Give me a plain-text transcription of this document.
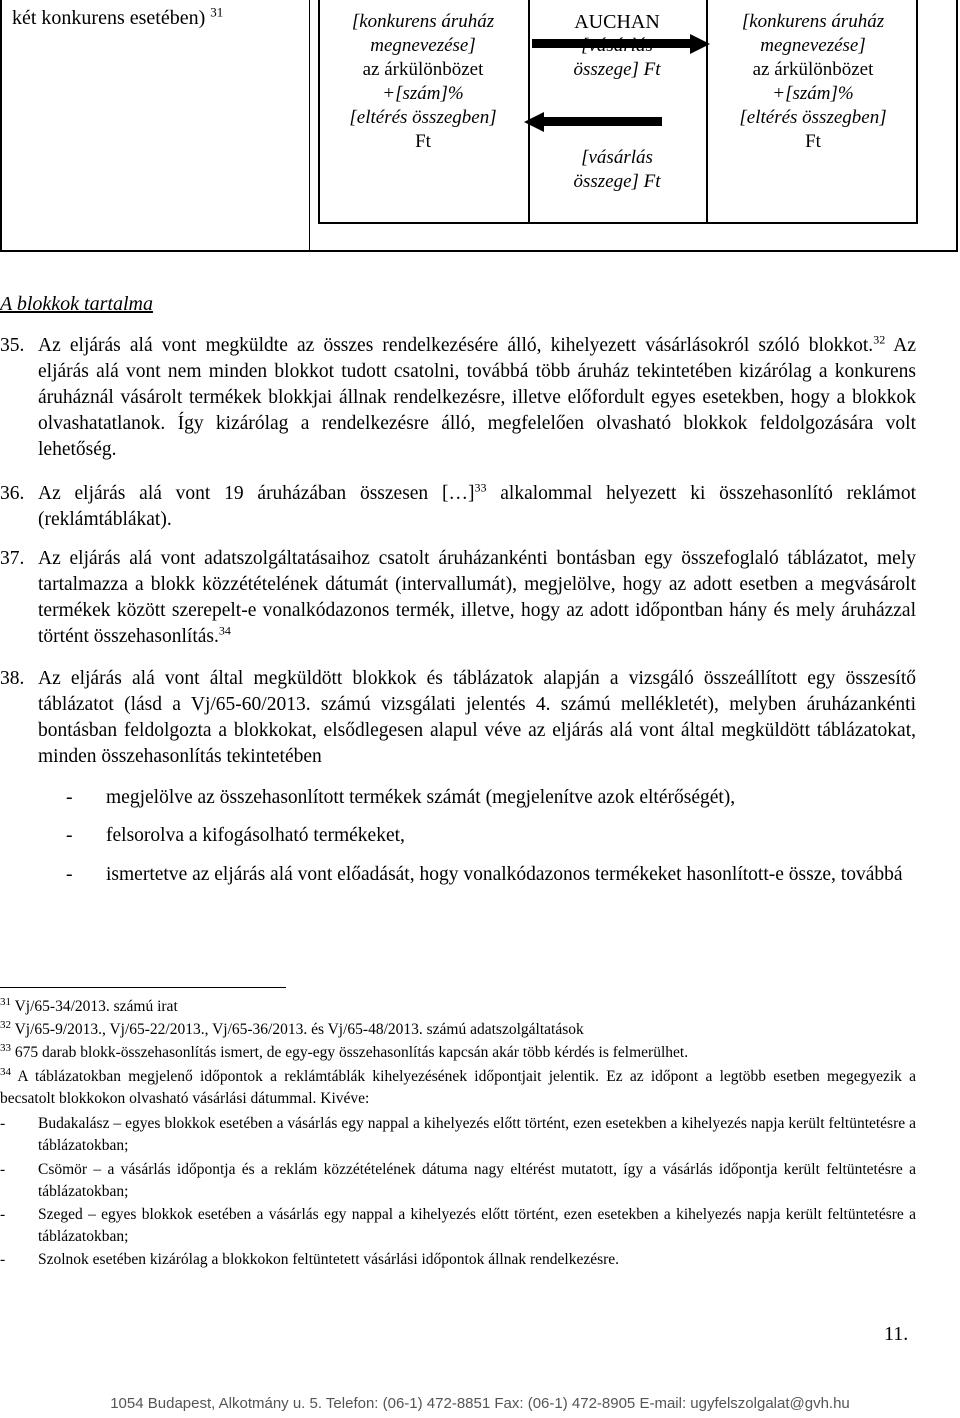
két konkurens esetében) $^{31}$	[konkurens áruház megnevezése]
az árkülönbözet
+[szám]%
[eltérés összegben]
Ft
AUCHAN
összege] Ft
[vásárlás
összege] Ft
[konkurens áruház megnevezése]
az árkülönbözet
+[szám]%
[eltérés összegben]
Ft
A blokkok tartalma
35. Az eljárás alá vont megküldte az összes rendelkezésére álló, kihelyezett vásárlásokról szóló blokkot.$^{32}$ Az eljárás alá vont nem minden blokkot tudott csatolni, továbbá több áruház tekintetében kizárólag a konkurens áruháznál vásárolt termékek blokkjai állnak rendelkezésre, illetve előfordult egyes esetekben, hogy a blokkok olvashatatlanok. Így kizárólag a rendelkezésre álló, megfelelően olvasható blokkok feldolgozására volt lehetőség.

36. Az eljárás alá vont 19 áruházában összesen […]$^{33}$ alkalommal helyezett ki összehasonlító reklámot (reklámtáblákat).

37. Az eljárás alá vont adatszolgáltatásaihoz csatolt áruházankénti bontásban egy összefoglaló táblázatot, mely tartalmazza a blokk közzétételének dátumát (intervallumát), megjelölve, hogy az adott esetben a megvásárolt termékek között szerepelt-e vonalkódazonos termék, illetve, hogy az adott időpontban hány és mely áruházzal történt összehasonlítás.$^{34}$

38. Az eljárás alá vont által megküldött blokkok és táblázatok alapján a vizsgáló összeállított egy összesítő táblázatot (lásd a Vj/65-60/2013. számú vizsgálati jelentés 4. számú mellékletét), melyben áruházankénti bontásban feldolgozta a blokkokat, elsődlegesen alapul véve az eljárás alá vont által megküldött táblázatokat, minden összehasonlítás tekintetében

- megjelölve az összehasonlított termékek számát (megjelenítve azok eltérőségét),
- felsorolva a kifogásolható termékeket,
- ismertetve az eljárás alá vont előadását, hogy vonalkódazonos termékeket hasonlított-e össze, továbbá
$^{31}$ Vj/65-34/2013. számú irat
$^{32}$ Vj/65-9/2013., Vj/65-22/2013., Vj/65-36/2013. és Vj/65-48/2013. számú adatszolgáltatások
$^{33}$ 675 darab blokk-összehasonlítás ismert, de egy-egy összehasonlítás kapcsán akár több kérdés is felmerülhet.
$^{34}$ A táblázatokban megjelenő időpontok a reklámtáblák kihelyezésének időpontjait jelentik. Ez az időpont a legtöbb esetben megegyezik a becsatolt blokkokon olvasható vásárlási dátummal. Kivéve:
- Budakalász – egyes blokkok esetében a vásárlás egy nappal a kihelyezés előtt történt, ezen esetekben a kihelyezés napja került feltüntetésre a táblázatokban;
- Csömör – a vásárlás időpontja és a reklám közzétételének dátuma nagy eltérést mutatott, így a vásárlás időpontja került feltüntetésre a táblázatokban;
- Szeged – egyes blokkok esetében a vásárlás egy nappal a kihelyezés előtt történt, ezen esetekben a kihelyezés napja került feltüntetésre a táblázatokban;
- Szolnok esetében kizárólag a blokkokon feltüntetett vásárlási időpontok állnak rendelkezésre.
11.
1054 Budapest, Alkotmány u. 5. Telefon: (06-1) 472-8851 Fax: (06-1) 472-8905 E-mail: ugyfelszolgalat@gvh.hu
